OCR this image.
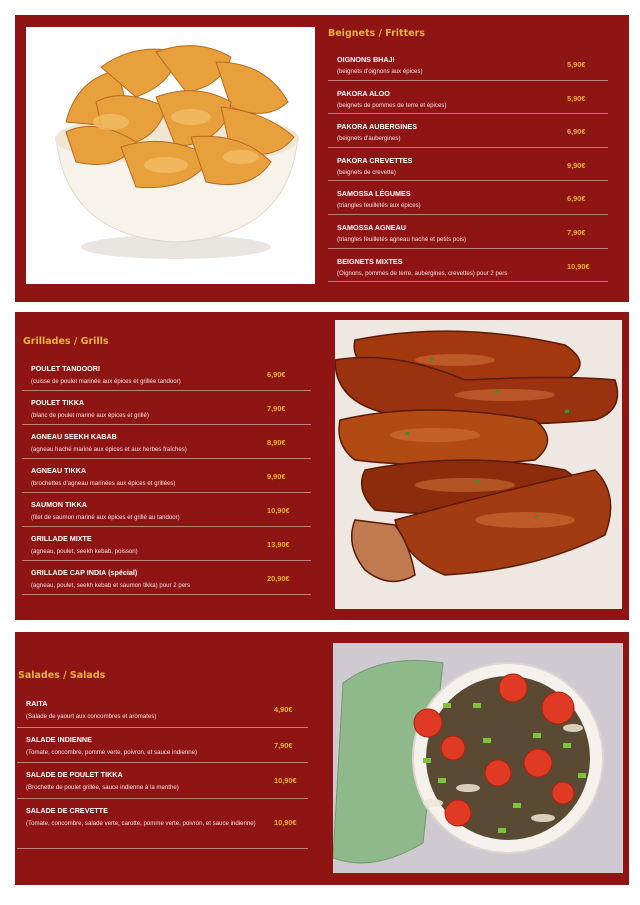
Beignets / Fritters
OIGNONS BHAJI
(beignets d'oignons aux épices)
5,90€
PAKORA ALOO
(beignets de pommes de terre et épices)
5,90€
PAKORA AUBERGINES
(beignets d'aubergines)
6,90€
PAKORA CREVETTES
(beignets de crevette)
9,90€
SAMOSSA LÉGUMES
(triangles feuilletés aux épices)
6,90€
SAMOSSA AGNEAU
(triangles feuilletés agneau haché et petits pois)
7,90€
BEIGNETS MIXTES
(Oignons, pommes de terre, aubergines, crevettes) pour 2 pers
10,90€
Grillades / Grills
POULET TANDOORI
(cuisse de poulet marinée aux épices et grillée tandoor)
6,90€
POULET TIKKA
(blanc de poulet mariné aux épices et grillé)
7,90€
AGNEAU SEEKH KABAB
(agneau haché mariné aux épices et aux herbes fraîches)
8,90€
AGNEAU TIKKA
(brochettes d'agneau marinées aux épices et grillées)
9,90€
SAUMON TIKKA
(filet de saumon mariné aux épices et grillé au tandoor)
10,90€
GRILLADE MIXTE
(agneau, poulet, seekh kebab, poisson)
13,90€
GRILLADE CAP INDIA (spécial)
(agneau, poulet, seekh kebab et saumon tikka) pour 2 pers
20,90€
Salades / Salads
RAITA
(Salade de yaourt aux concombres et aromates)
4,90€
SALADE INDIENNE
(Tomate, concombre, pomme verte, poivron, et sauce indienne)
7,90€
SALADE DE POULET TIKKA
(Brochette de poulet grillée, sauce indienne à la menthe)
10,90€
SALADE DE CREVETTE
(Tomate, concombre, salade verte, carotte, pomme verte, poivron, et sauce indienne)	10,90€
